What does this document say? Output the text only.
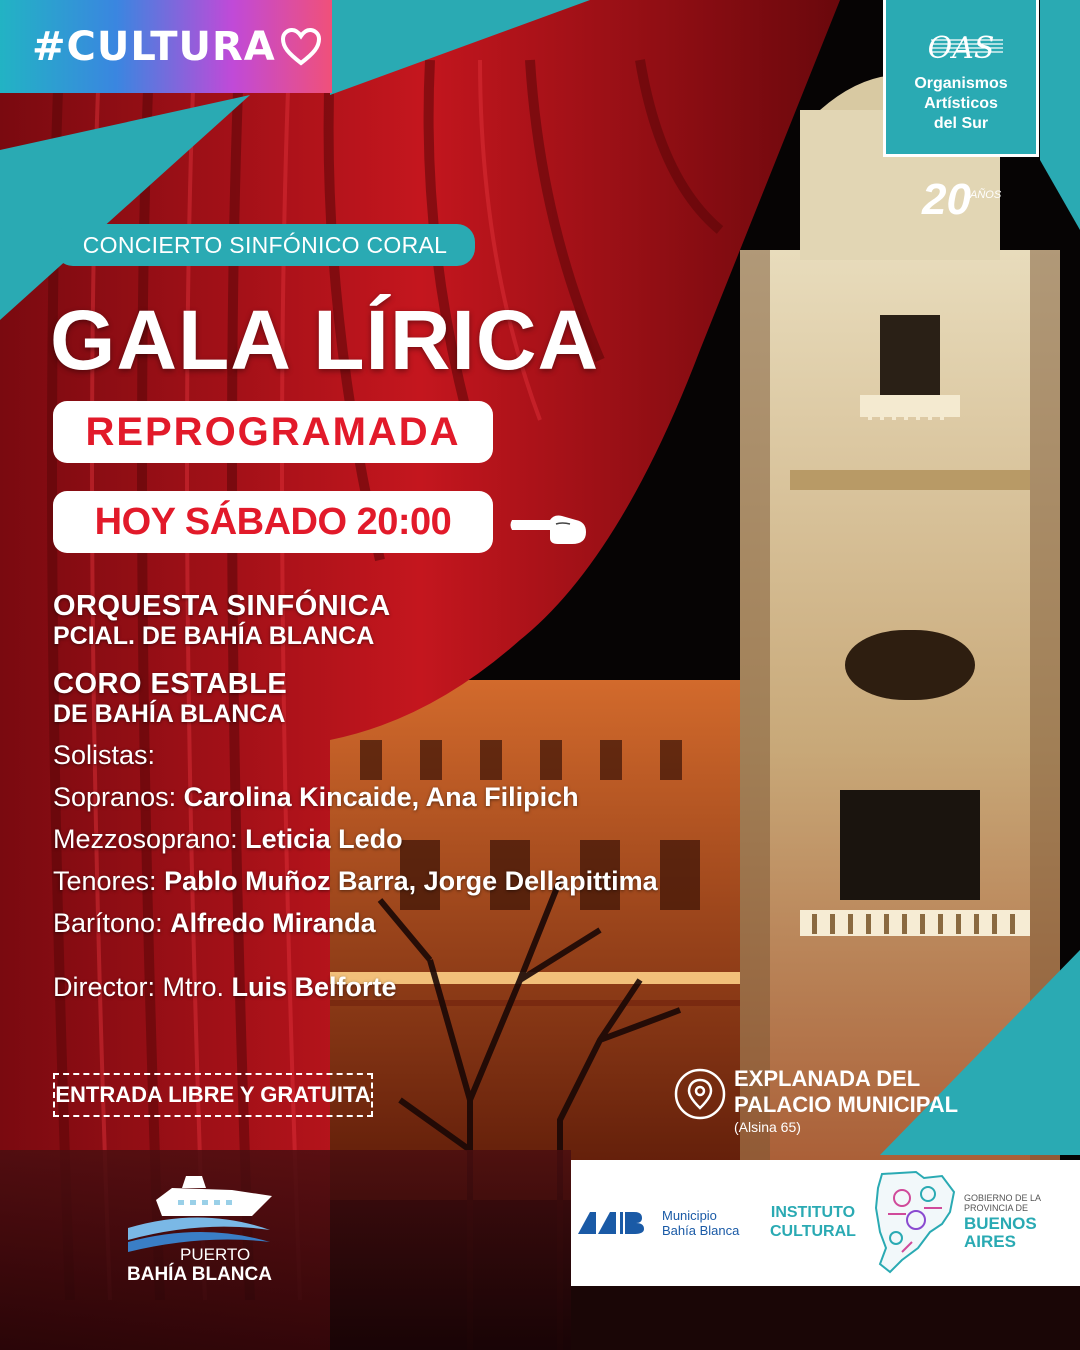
#CULTURA	OAS
Organismos
Artísticos
del Sur
20 AÑOS
CONCIERTO SINFÓNICO CORAL
GALA LÍRICA
REPROGRAMADA
HOY SÁBADO 20:00
ORQUESTA SINFÓNICA
PCIAL. DE BAHÍA BLANCA
CORO ESTABLE
DE BAHÍA BLANCA
Solistas:
Sopranos: Carolina Kincaide, Ana Filipich
Mezzosoprano: Leticia Ledo
Tenores: Pablo Muñoz Barra, Jorge Dellapittima
Barítono: Alfredo Miranda
Director: Mtro. Luis Belforte
ENTRADA LIBRE Y GRATUITA
EXPLANADA DEL
PALACIO MUNICIPAL
(Alsina 65)
Municipio
Bahía Blanca
INSTITUTO
CULTURAL
GOBIERNO DE LA
PROVINCIA DE
BUENOS
AIRES
PUERTO
BAHÍA BLANCA
